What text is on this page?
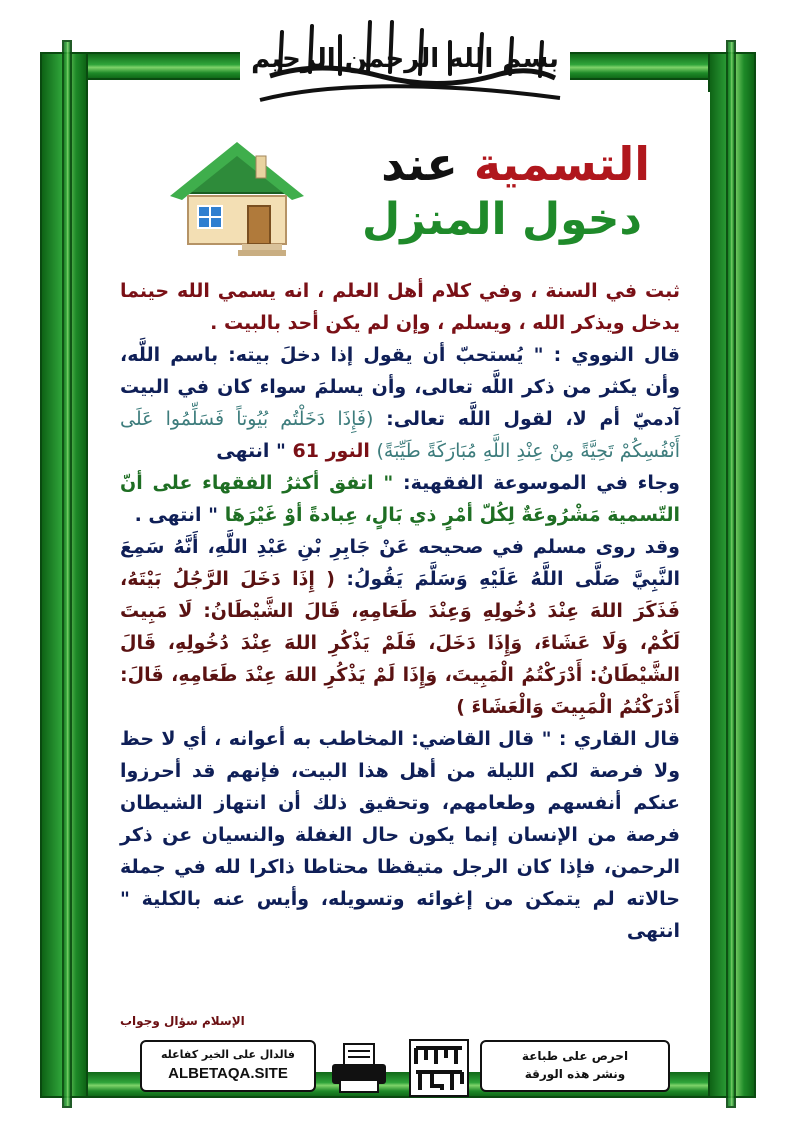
بسم الله الرحمن الرحيم
التسمية عند
دخول المنزل

ثبت في السنة ، وفي كلام أهل العلم ، انه يسمي الله حينما يدخل ويذكر الله ، ويسلم ، وإن لم يكن أحد بالبيت .

قال النووي : " يُستحبّ أن يقول إذا دخلَ بيته: باسم اللَّه، وأن يكثر من ذكر اللَّه تعالى، وأن يسلمَ سواء كان في البيت آدميّ أم لا، لقول اللَّه تعالى: (فَإِذَا دَخَلْتُم بُيُوتاً فَسَلِّمُوا عَلَى أَنْفُسِكُمْ تَحِيَّةً مِنْ عِنْدِ اللَّهِ مُبَارَكَةً طَيِّبَةً) النور 61 " انتهى

وجاء في الموسوعة الفقهية: " اتفق أكثرُ الفقهاء على أنّ التّسمية مَشْرُوعَةٌ لِكُلّ أمْرٍ ذي بَالٍ، عِبادةً أوْ غَيْرَهَا " انتهى .

وقد روى مسلم في صحيحه عَنْ جَابِرِ بْنِ عَبْدِ اللَّهِ، أَنَّهُ سَمِعَ النَّبِيَّ صَلَّى اللَّهُ عَلَيْهِ وَسَلَّمَ يَقُولُ: ( إِذَا دَخَلَ الرَّجُلُ بَيْتَهُ، فَذَكَرَ اللهَ عِنْدَ دُخُولِهِ وَعِنْدَ طَعَامِهِ، قَالَ الشَّيْطَانُ: لَا مَبِيتَ لَكُمْ، وَلَا عَشَاءَ، وَإِذَا دَخَلَ، فَلَمْ يَذْكُرِ اللهَ عِنْدَ دُخُولِهِ، قَالَ الشَّيْطَانُ: أَدْرَكْتُمُ الْمَبِيتَ، وَإِذَا لَمْ يَذْكُرِ اللهَ عِنْدَ طَعَامِهِ، قَالَ: أَدْرَكْتُمُ الْمَبِيتَ وَالْعَشَاءَ )

قال القاري : " قال القاضي: المخاطب به أعوانه ، أي لا حظ ولا فرصة لكم الليلة من أهل هذا البيت، فإنهم قد أحرزوا عنكم أنفسهم وطعامهم، وتحقيق ذلك أن انتهاز الشيطان فرصة من الإنسان إنما يكون حال الغفلة والنسيان عن ذكر الرحمن، فإذا كان الرجل متيقظا محتاطا ذاكرا لله في جملة حالاته لم يتمكن من إغوائه وتسويله، وأيس عنه بالكلية " انتهى

الإسلام سؤال وجواب
فالدال على الخير كفاعله
ALBETAQA.SITE
احرص على طباعة
ونشر هذه الورقة
